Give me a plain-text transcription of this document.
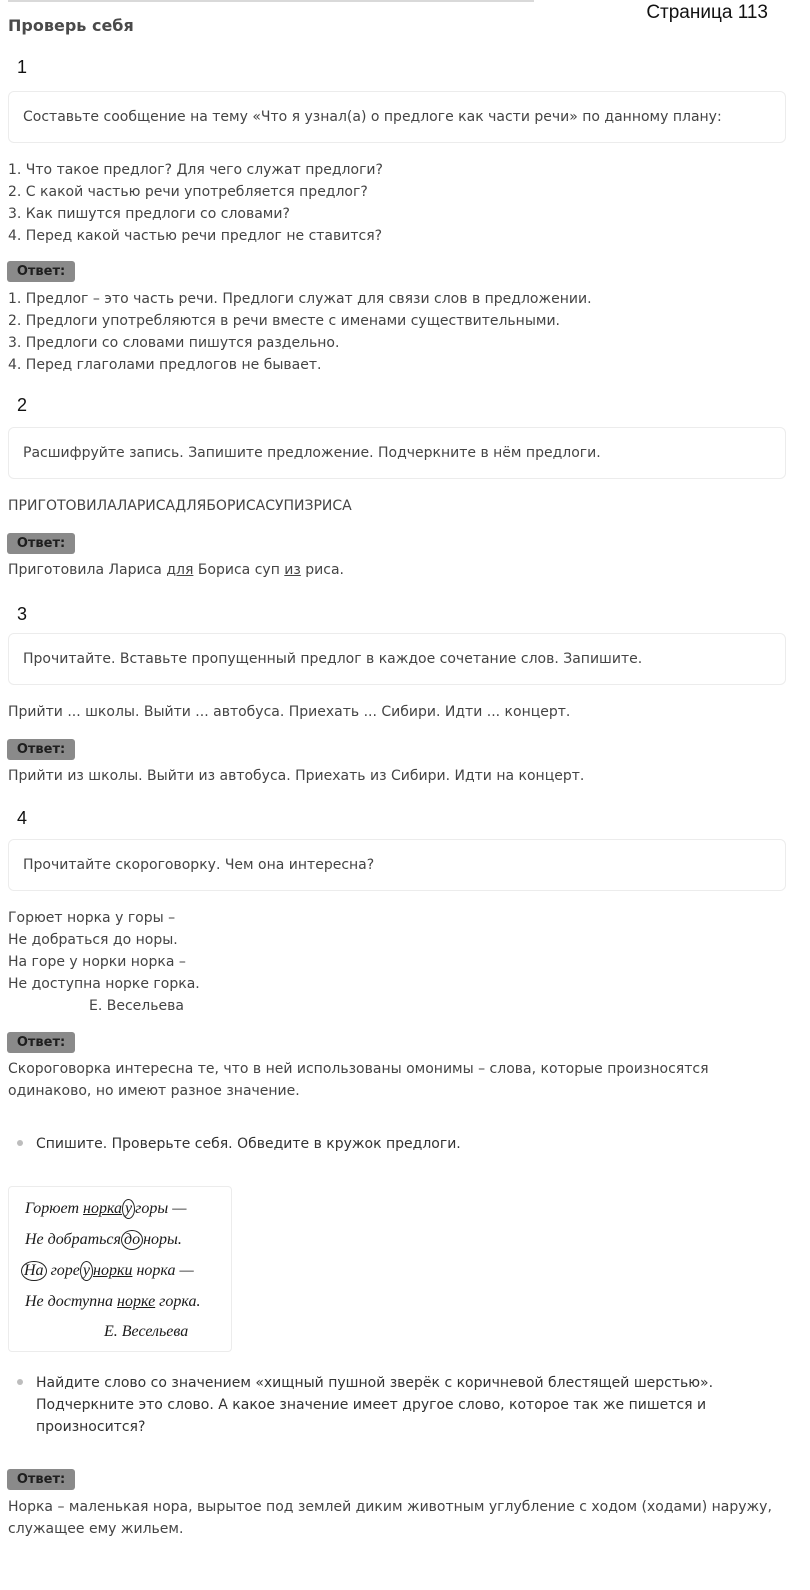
Страница 113
Проверь себя
1
Составьте сообщение на тему «Что я узнал(а) о предлоге как части речи» по данному плану:
1. Что такое предлог? Для чего служат предлоги?
2. С какой частью речи употребляется предлог?
3. Как пишутся предлоги со словами?
4. Перед какой частью речи предлог не ставится?
Ответ:
1. Предлог – это часть речи. Предлоги служат для связи слов в предложении.
2. Предлоги употребляются в речи вместе с именами существительными.
3. Предлоги со словами пишутся раздельно.
4. Перед глаголами предлогов не бывает.
2
Расшифруйте запись. Запишите предложение. Подчеркните в нём предлоги.
ПРИГОТОВИЛАЛАРИСАДЛЯБОРИСАСУПИЗРИСА
Ответ:
Приготовила Лариса для Бориса суп из риса.
3
Прочитайте. Вставьте пропущенный предлог в каждое сочетание слов. Запишите.
Прийти ... школы. Выйти ... автобуса. Приехать ... Сибири. Идти ... концерт.
Ответ:
Прийти из школы. Выйти из автобуса. Приехать из Сибири. Идти на концерт.
4
Прочитайте скороговорку. Чем она интересна?
Горюет норка у горы –
Не добраться до норы.
На горе у норки норка –
Не доступна норке горка.
Е. Весельева
Ответ:
Скороговорка интересна те, что в ней использованы омонимы – слова, которые произносятся
одинаково, но имеют разное значение.
Спишите. Проверьте себя. Обведите в кружок предлоги.
Горюет норка у горы —
Не добраться до норы.
На горе у норки норка —
Не доступна норке горка.
Е. Весельева
Найдите слово со значением «хищный пушной зверёк с коричневой блестящей шерстью».
Подчеркните это слово. А какое значение имеет другое слово, которое так же пишется и
произносится?
Ответ:
Норка – маленькая нора, вырытое под землей диким животным углубление с ходом (ходами) наружу,
служащее ему жильем.
